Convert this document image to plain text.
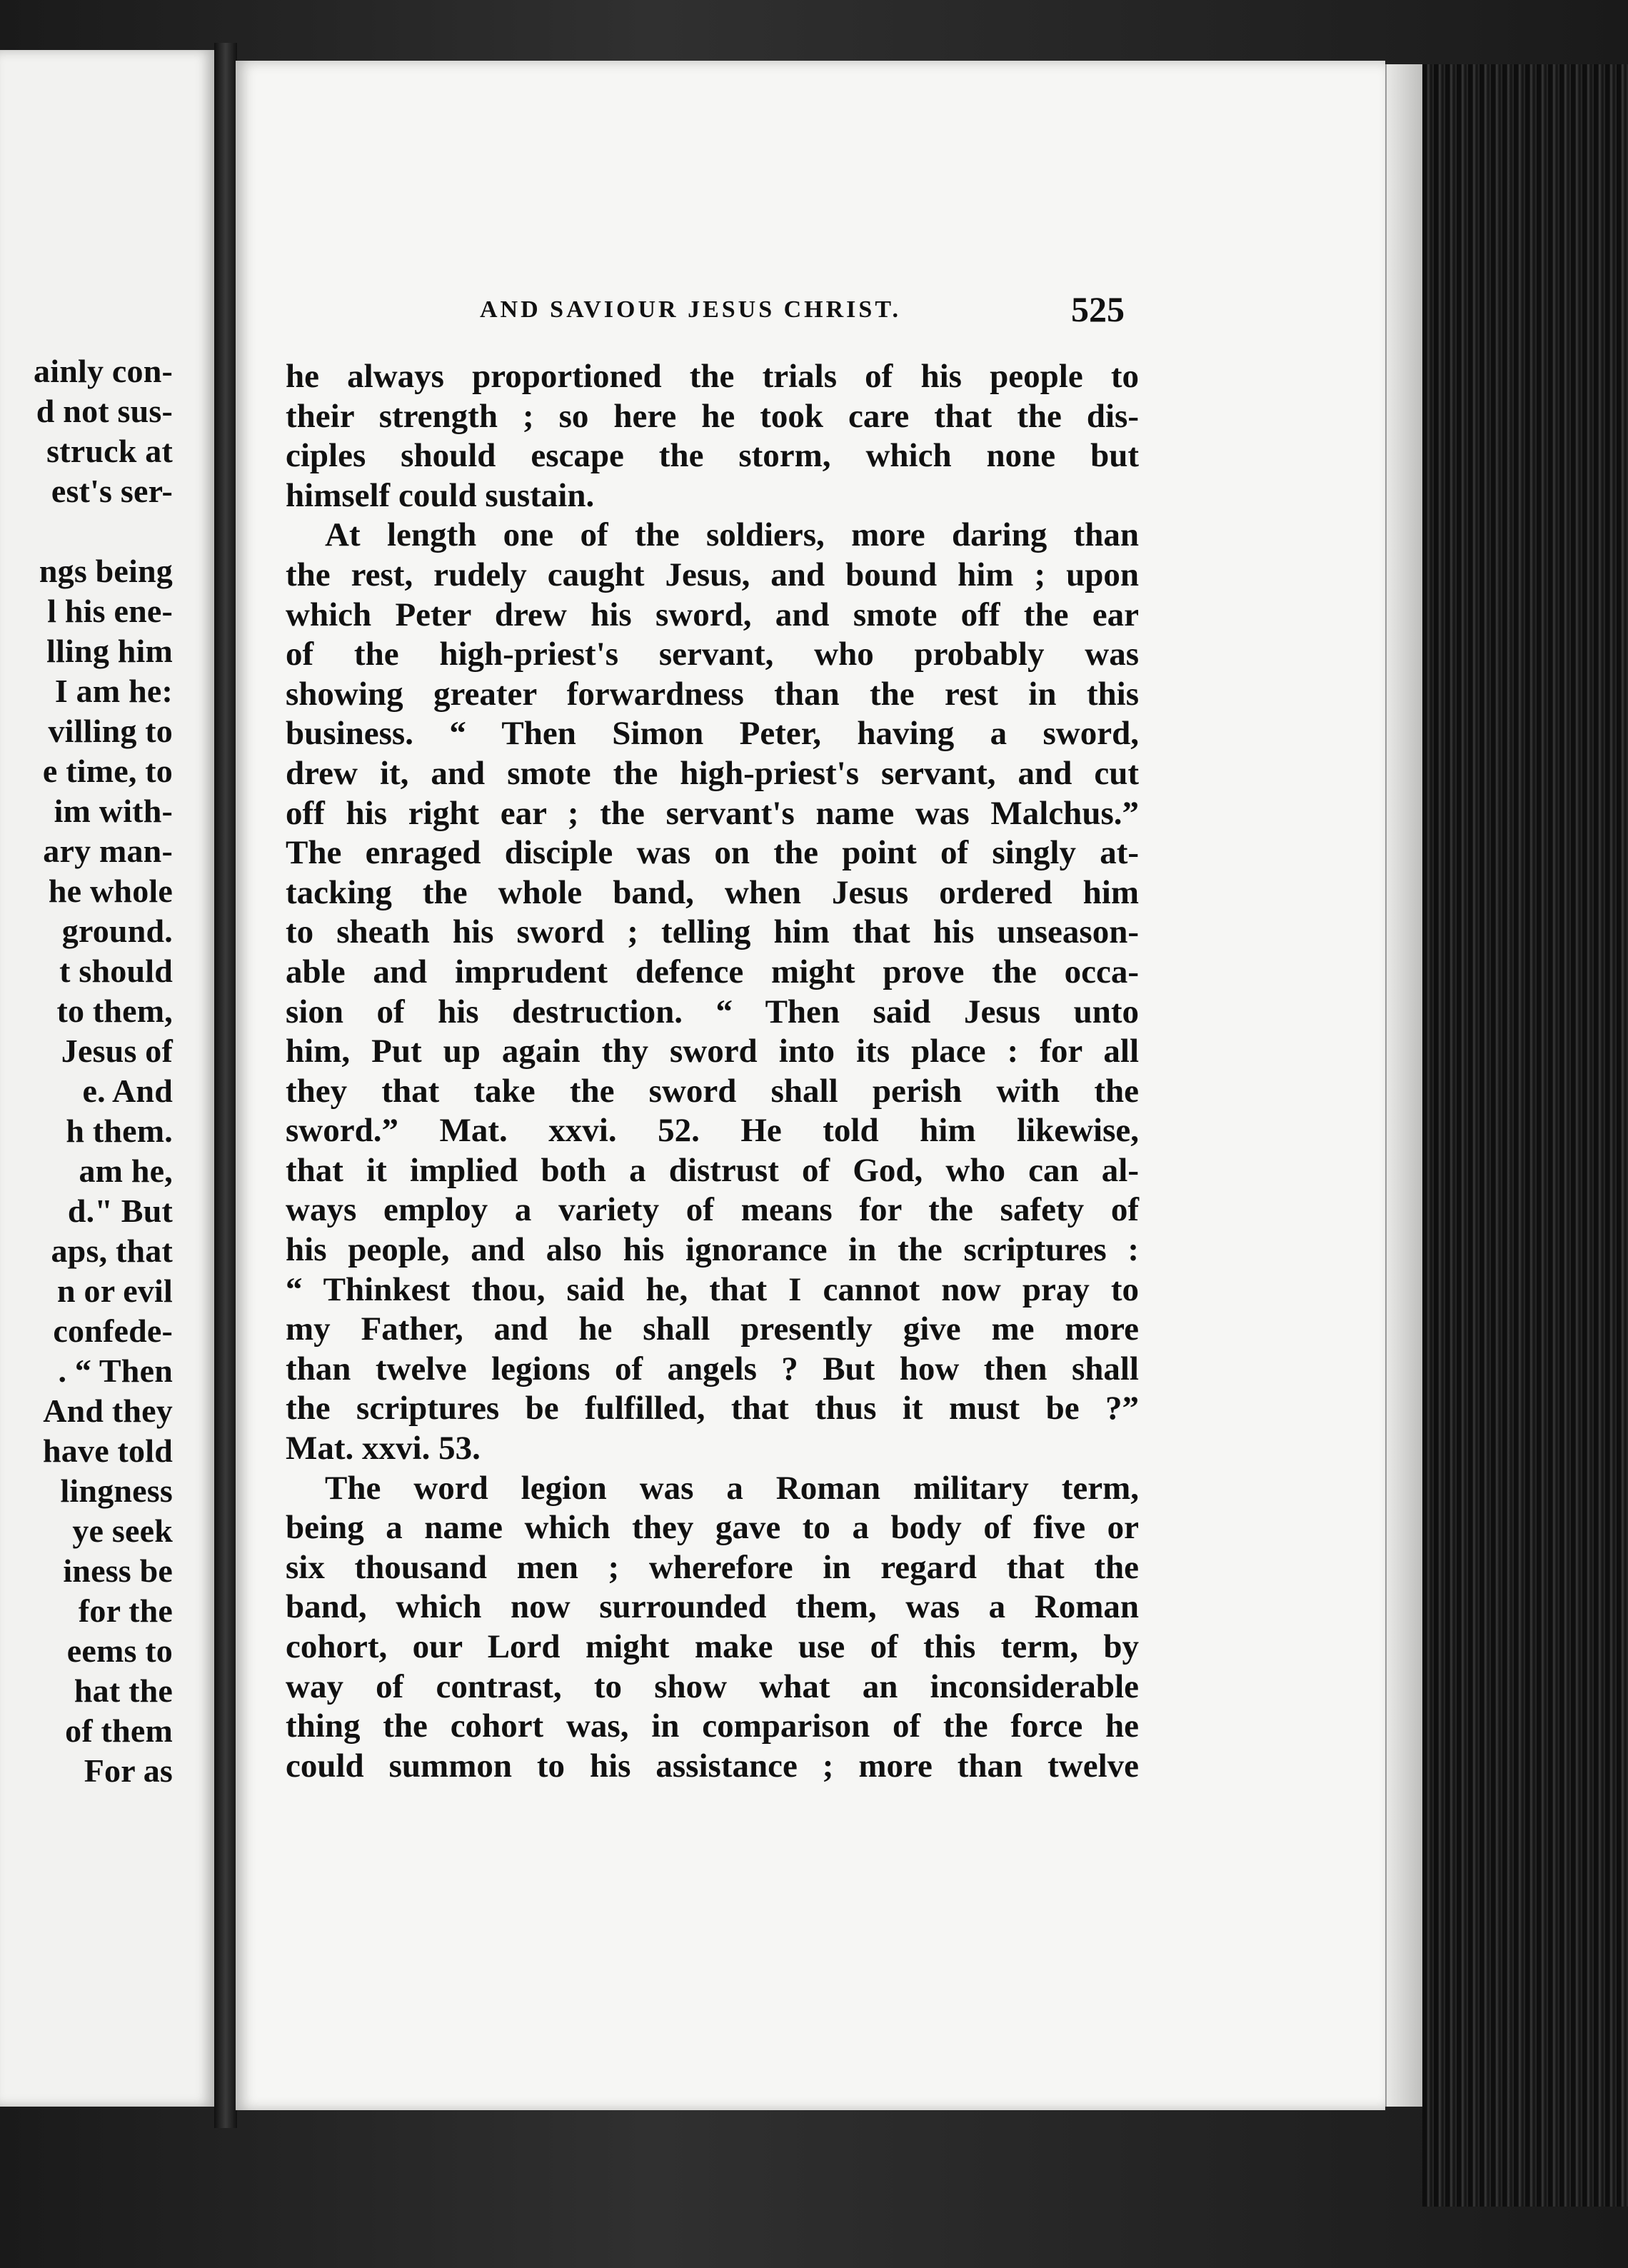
ainly con-

d not sus-

struck at

est's ser-

ngs being

l his ene-

lling him

I am he:

villing to

e time, to

im with-

ary man-

he whole

ground.

t should

to them,

Jesus of

e. And

h them.

am he,

d." But

aps, that

n or evil

confede-

. “ Then

And they

have told

lingness

ye seek

iness be

for the

eems to

hat the

of them

For as

AND SAVIOUR JESUS CHRIST.	525

he always proportioned the trials of his people to
their strength ; so here he took care that the dis-
ciples should escape the storm, which none but
himself could sustain.
At length one of the soldiers, more daring than
the rest, rudely caught Jesus, and bound him ; upon
which Peter drew his sword, and smote off the ear
of the high-priest's servant, who probably was
showing greater forwardness than the rest in this
business. “ Then Simon Peter, having a sword,
drew it, and smote the high-priest's servant, and cut
off his right ear ; the servant's name was Malchus.”
The enraged disciple was on the point of singly at-
tacking the whole band, when Jesus ordered him
to sheath his sword ; telling him that his unseason-
able and imprudent defence might prove the occa-
sion of his destruction. “ Then said Jesus unto
him, Put up again thy sword into its place : for all
they that take the sword shall perish with the
sword.” Mat. xxvi. 52. He told him likewise,
that it implied both a distrust of God, who can al-
ways employ a variety of means for the safety of
his people, and also his ignorance in the scriptures :
“ Thinkest thou, said he, that I cannot now pray to
my Father, and he shall presently give me more
than twelve legions of angels ? But how then shall
the scriptures be fulfilled, that thus it must be ?”
Mat. xxvi. 53.
The word legion was a Roman military term,
being a name which they gave to a body of five or
six thousand men ; wherefore in regard that the
band, which now surrounded them, was a Roman
cohort, our Lord might make use of this term, by
way of contrast, to show what an inconsiderable
thing the cohort was, in comparison of the force he
could summon to his assistance ; more than twelve
